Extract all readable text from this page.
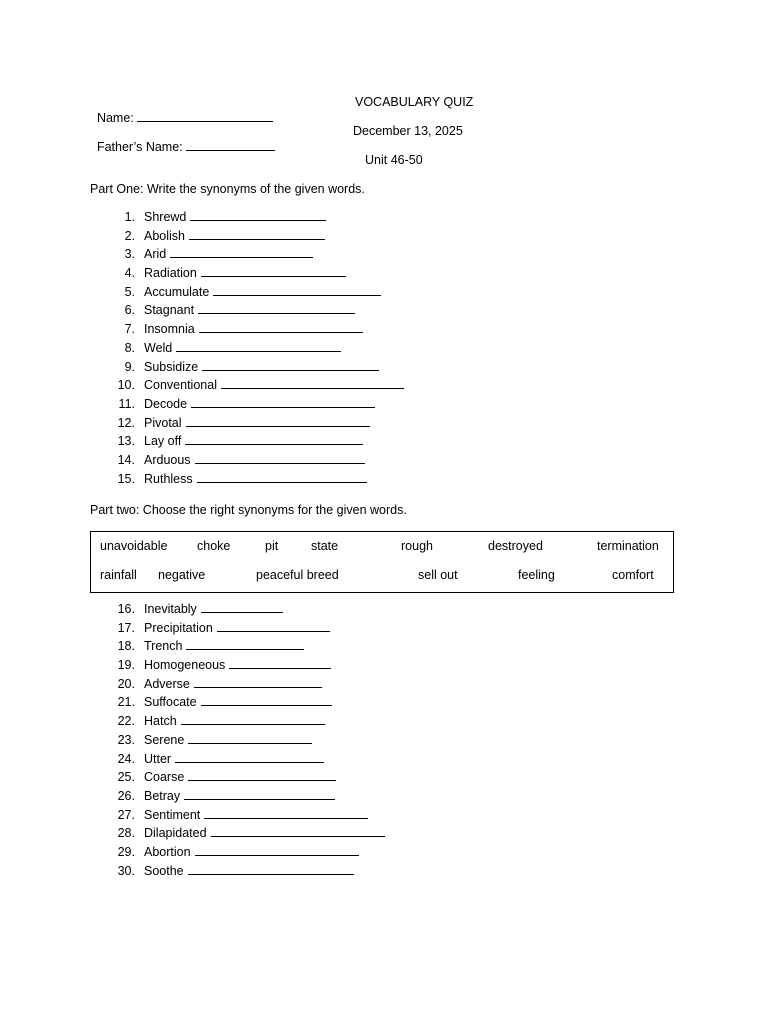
Name:

VOCABULARY QUIZ

Father’s Name:

December 13, 2025
Unit 46-50
Part One: Write the synonyms of the given words.
1. Shrewd
2. Abolish
3. Arid
4. Radiation
5. Accumulate
6. Stagnant
7. Insomnia
8. Weld
9. Subsidize
10. Conventional
11. Decode
12. Pivotal
13. Lay off
14. Arduous
15. Ruthless
Part two: Choose the right synonyms for the given words.
unavoidable choke	pit	state	rough	destroyed	termination
rainfall negative	peaceful breed	sell out	feeling	comfort
16. Inevitably
17. Precipitation
18. Trench
19. Homogeneous
20. Adverse
21. Suffocate
22. Hatch
23. Serene
24. Utter
25. Coarse
26. Betray
27. Sentiment
28. Dilapidated
29. Abortion
30. Soothe
